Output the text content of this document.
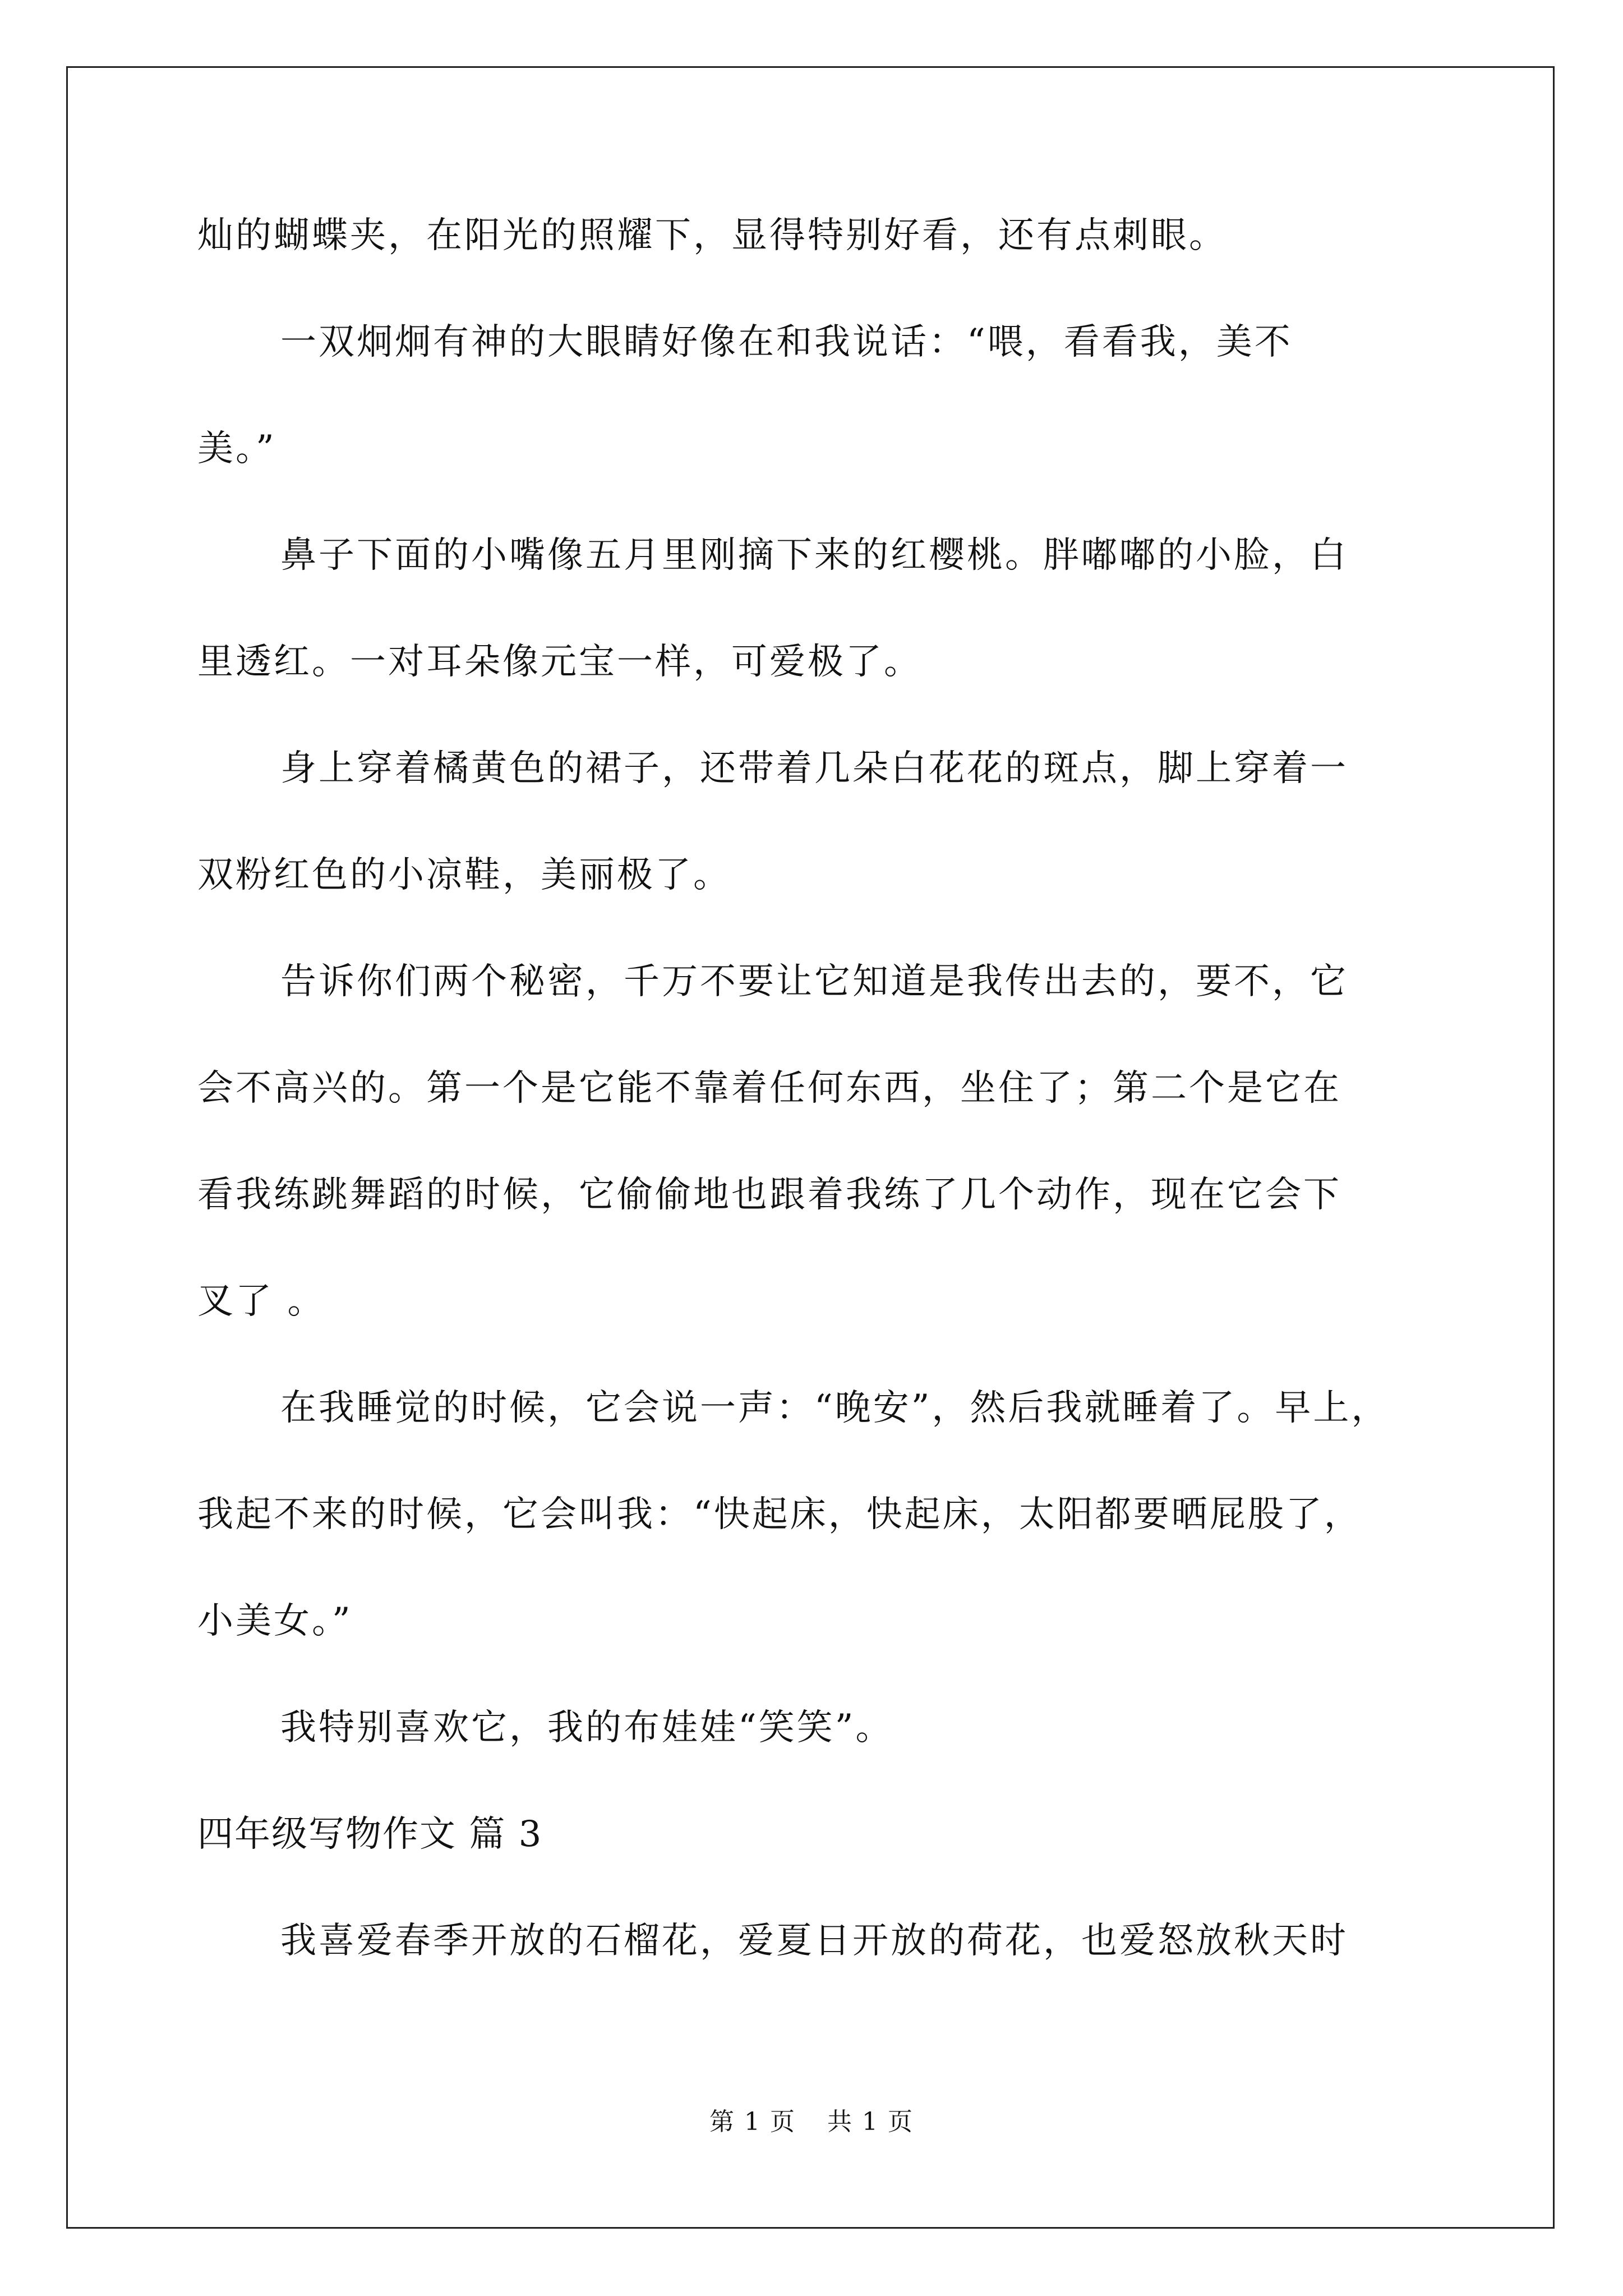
灿的蝴蝶夹，在阳光的照耀下，显得特别好看，还有点刺眼。
一双炯炯有神的大眼睛好像在和我说话：“喂，看看我，美不
美。”
鼻子下面的小嘴像五月里刚摘下来的红樱桃。胖嘟嘟的小脸，白
里透红。一对耳朵像元宝一样，可爱极了。
身上穿着橘黄色的裙子，还带着几朵白花花的斑点，脚上穿着一
双粉红色的小凉鞋，美丽极了。
告诉你们两个秘密，千万不要让它知道是我传出去的，要不，它
会不高兴的。第一个是它能不靠着任何东西，坐住了；第二个是它在
看我练跳舞蹈的时候，它偷偷地也跟着我练了几个动作，现在它会下
叉了 。
在我睡觉的时候，它会说一声：“晚安”，然后我就睡着了。早上，
我起不来的时候，它会叫我：“快起床，快起床，太阳都要晒屁股了，
小美女。”
我特别喜欢它，我的布娃娃“笑笑”。
四年级写物作文 篇 3
我喜爱春季开放的石榴花，爱夏日开放的荷花，也爱怒放秋天时
第 1 页 共 1 页
